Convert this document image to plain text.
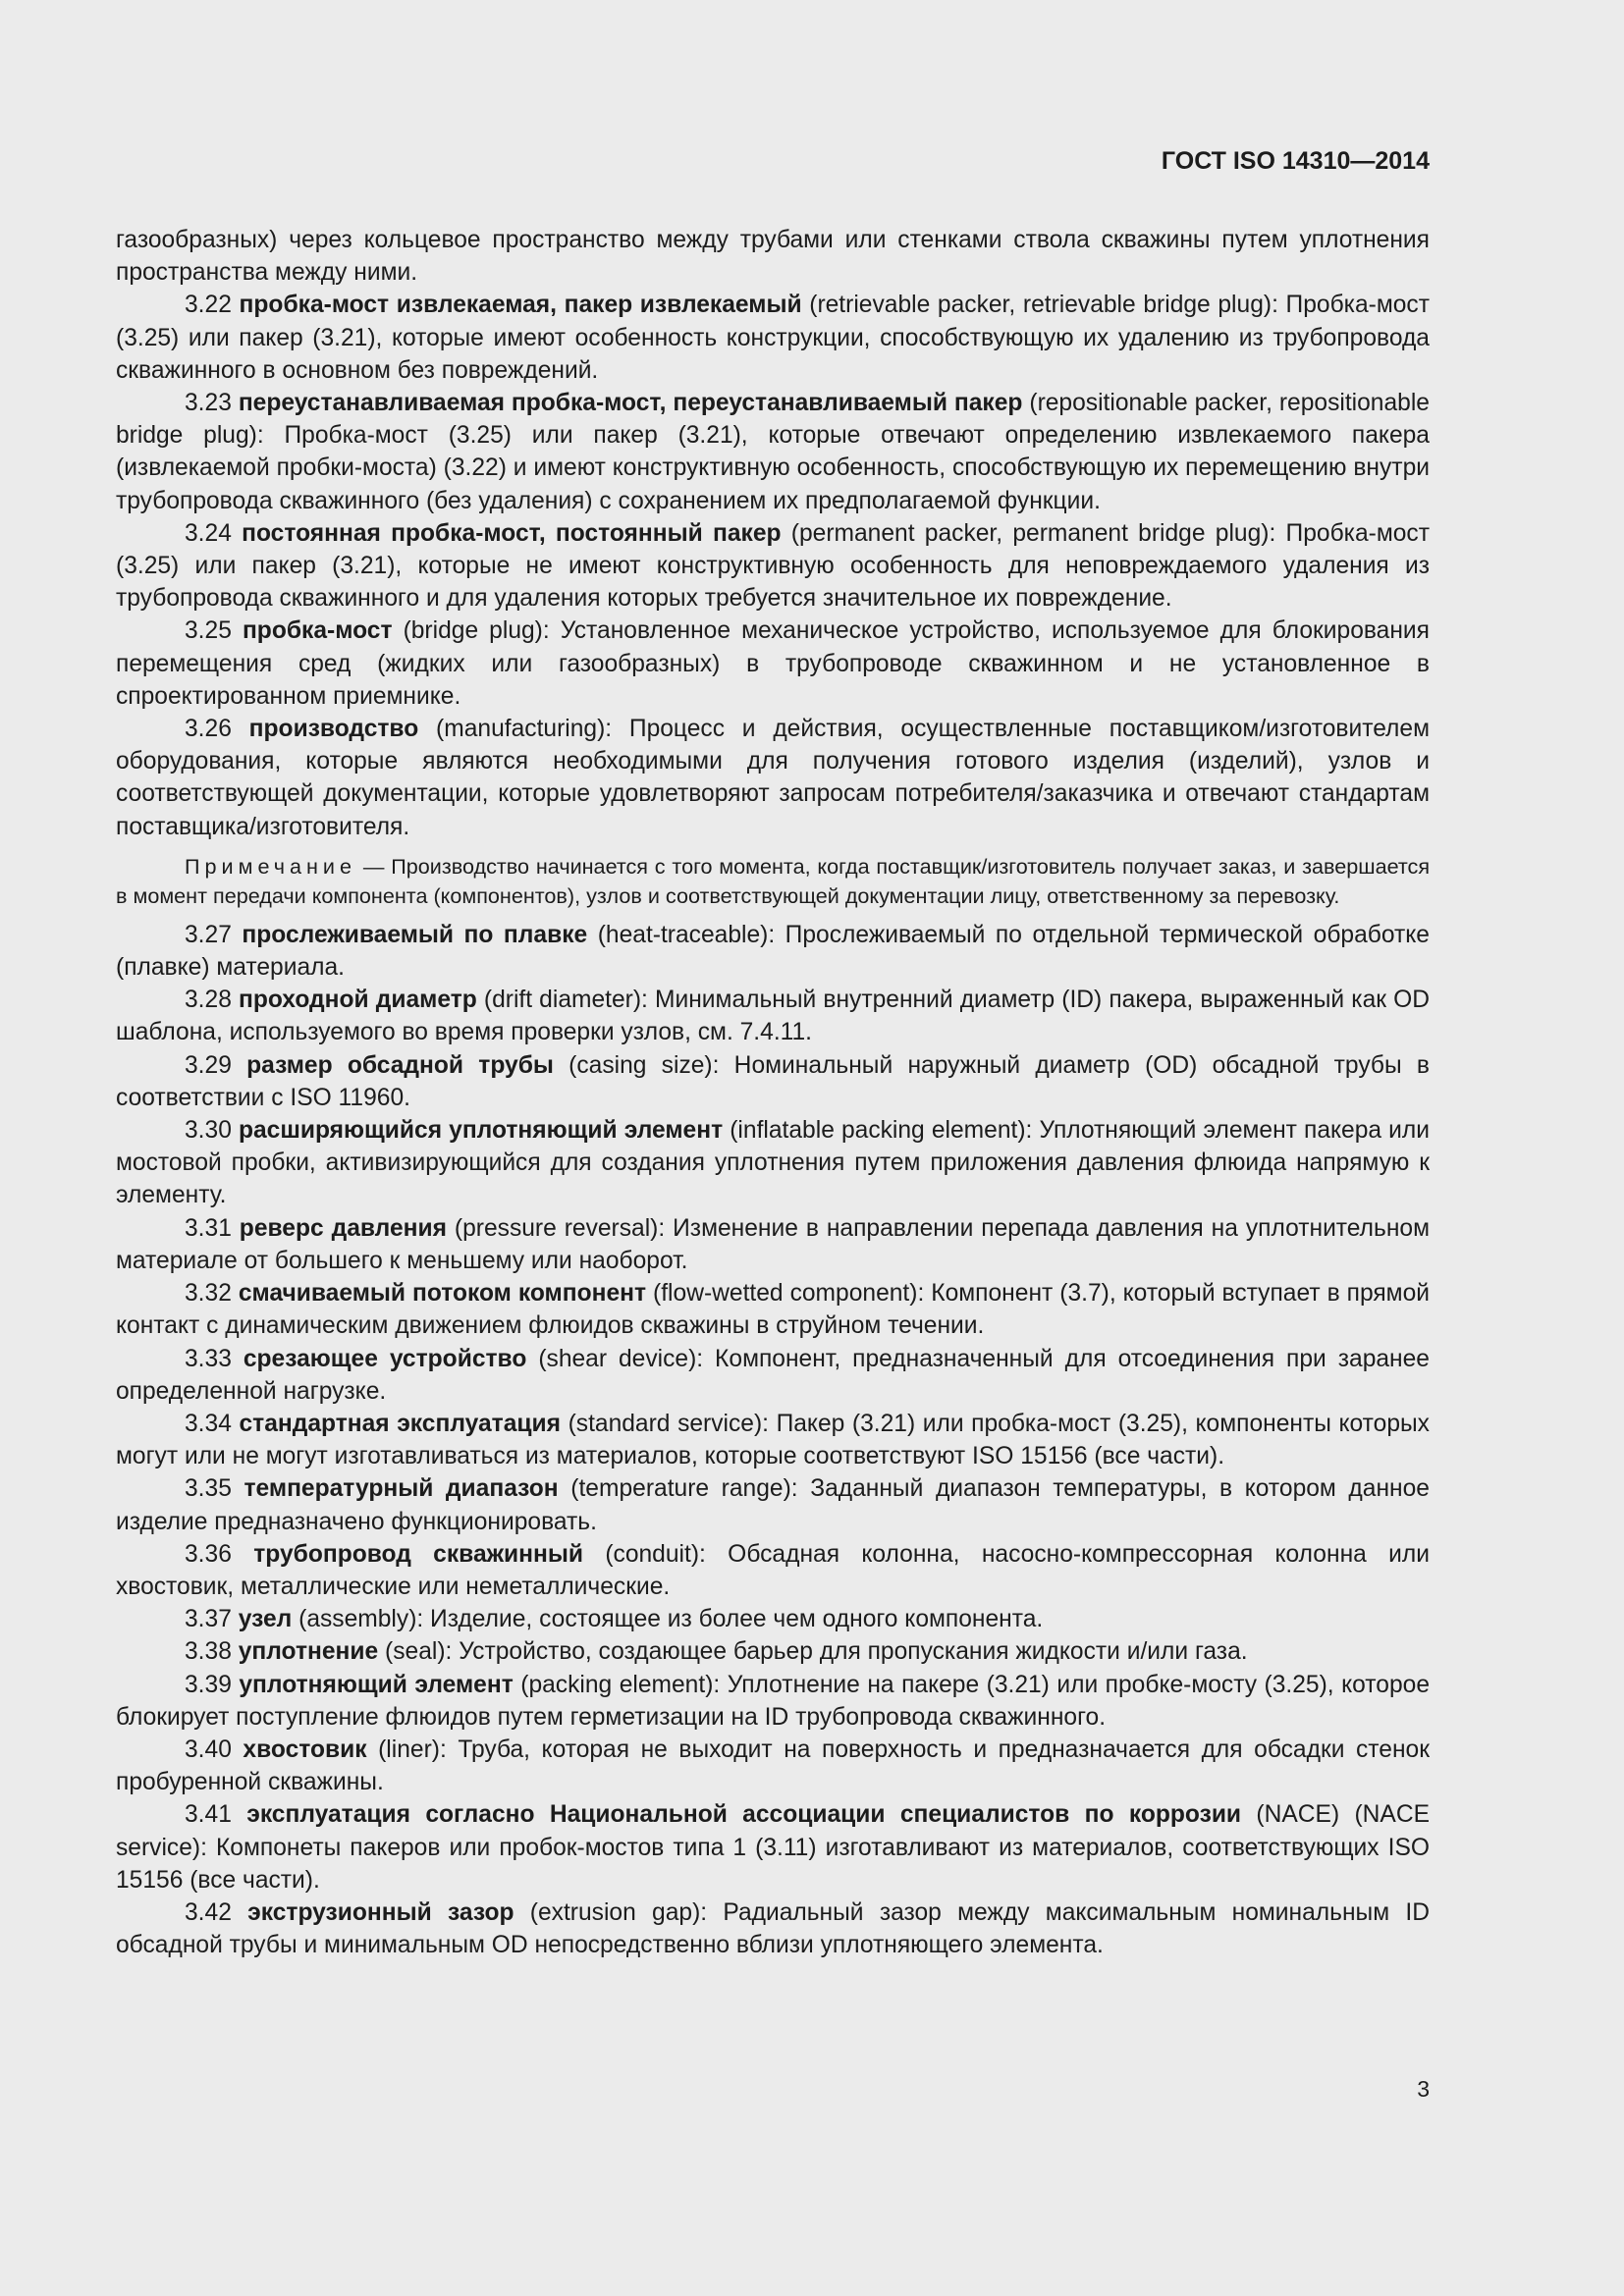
ГОСТ ISO 14310—2014

газообразных) через кольцевое пространство между трубами или стенками ствола скважины путем уплотнения пространства между ними.

3.22 пробка-мост извлекаемая, пакер извлекаемый (retrievable packer, retrievable bridge plug): Пробка-мост (3.25) или пакер (3.21), которые имеют особенность конструкции, способствующую их удалению из трубопровода скважинного в основном без повреждений.

3.23 переустанавливаемая пробка-мост, переустанавливаемый пакер (repositionable packer, repositionable bridge plug): Пробка-мост (3.25) или пакер (3.21), которые отвечают определению извлекаемого пакера (извлекаемой пробки-моста) (3.22) и имеют конструктивную особенность, способствующую их перемещению внутри трубопровода скважинного (без удаления) с сохранением их предполагаемой функции.

3.24 постоянная пробка-мост, постоянный пакер (permanent packer, permanent bridge plug): Пробка-мост (3.25) или пакер (3.21), которые не имеют конструктивную особенность для неповреждаемого удаления из трубопровода скважинного и для удаления которых требуется значительное их повреждение.

3.25 пробка-мост (bridge plug): Установленное механическое устройство, используемое для блокирования перемещения сред (жидких или газообразных) в трубопроводе скважинном и не установленное в спроектированном приемнике.

3.26 производство (manufacturing): Процесс и действия, осуществленные поставщиком/изготовителем оборудования, которые являются необходимыми для получения готового изделия (изделий), узлов и соответствующей документации, которые удовлетворяют запросам потребителя/заказчика и отвечают стандартам поставщика/изготовителя.

Примечание — Производство начинается с того момента, когда поставщик/изготовитель получает заказ, и завершается в момент передачи компонента (компонентов), узлов и соответствующей документации лицу, ответственному за перевозку.

3.27 прослеживаемый по плавке (heat-traceable): Прослеживаемый по отдельной термической обработке (плавке) материала.

3.28 проходной диаметр (drift diameter): Минимальный внутренний диаметр (ID) пакера, выраженный как OD шаблона, используемого во время проверки узлов, см. 7.4.11.

3.29 размер обсадной трубы (casing size): Номинальный наружный диаметр (OD) обсадной трубы в соответствии с ISO 11960.

3.30 расширяющийся уплотняющий элемент (inflatable packing element): Уплотняющий элемент пакера или мостовой пробки, активизирующийся для создания уплотнения путем приложения давления флюида напрямую к элементу.

3.31 реверс давления (pressure reversal): Изменение в направлении перепада давления на уплотнительном материале от большего к меньшему или наоборот.

3.32 смачиваемый потоком компонент (flow-wetted component): Компонент (3.7), который вступает в прямой контакт с динамическим движением флюидов скважины в струйном течении.

3.33 срезающее устройство (shear device): Компонент, предназначенный для отсоединения при заранее определенной нагрузке.

3.34 стандартная эксплуатация (standard service): Пакер (3.21) или пробка-мост (3.25), компоненты которых могут или не могут изготавливаться из материалов, которые соответствуют ISO 15156 (все части).

3.35 температурный диапазон (temperature range): Заданный диапазон температуры, в котором данное изделие предназначено функционировать.

3.36 трубопровод скважинный (conduit): Обсадная колонна, насосно-компрессорная колонна или хвостовик, металлические или неметаллические.

3.37 узел (assembly): Изделие, состоящее из более чем одного компонента.

3.38 уплотнение (seal): Устройство, создающее барьер для пропускания жидкости и/или газа.

3.39 уплотняющий элемент (packing element): Уплотнение на пакере (3.21) или пробке-мосту (3.25), которое блокирует поступление флюидов путем герметизации на ID трубопровода скважинного.

3.40 хвостовик (liner): Труба, которая не выходит на поверхность и предназначается для обсадки стенок пробуренной скважины.

3.41 эксплуатация согласно Национальной ассоциации специалистов по коррозии (NACE) (NACE service): Компонеты пакеров или пробок-мостов типа 1 (3.11) изготавливают из материалов, соответствующих ISO 15156 (все части).

3.42 экструзионный зазор (extrusion gap): Радиальный зазор между максимальным номинальным ID обсадной трубы и минимальным OD непосредственно вблизи уплотняющего элемента.

3
